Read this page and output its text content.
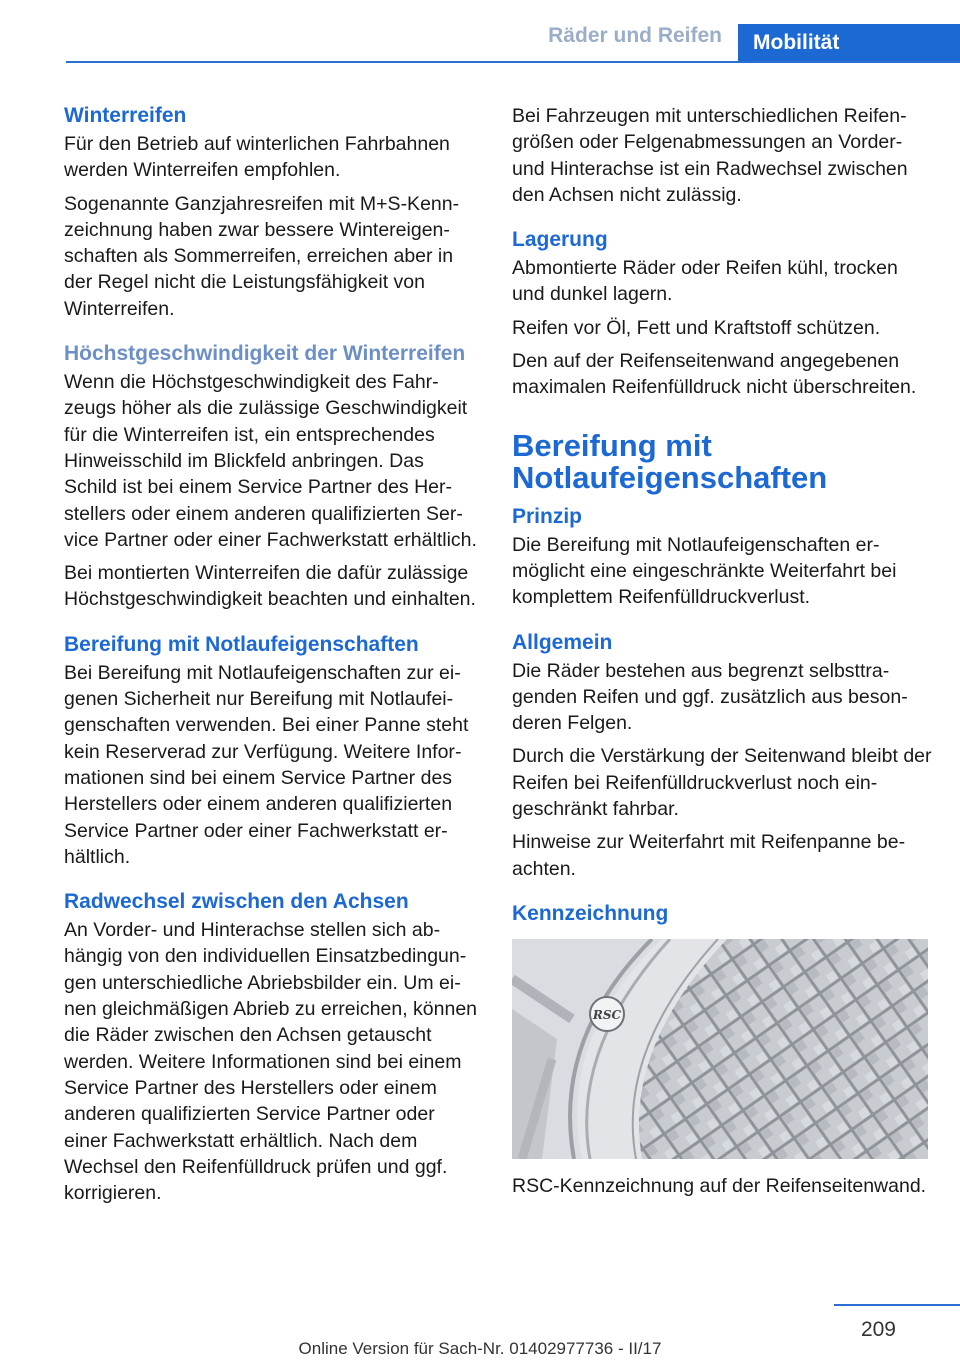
Räder und Reifen	Mobilität
Winterreifen

Für den Betrieb auf winterlichen Fahrbahnen werden Winterreifen empfohlen.

Sogenannte Ganzjahresreifen mit M+S-Kennzeichnung haben zwar bessere Wintereigenschaften als Sommerreifen, erreichen aber in der Regel nicht die Leistungsfähigkeit von Winterreifen.

Höchstgeschwindigkeit der Winterreifen

Wenn die Höchstgeschwindigkeit des Fahrzeugs höher als die zulässige Geschwindigkeit für die Winterreifen ist, ein entsprechendes Hinweisschild im Blickfeld anbringen. Das Schild ist bei einem Service Partner des Herstellers oder einem anderen qualifizierten Service Partner oder einer Fachwerkstatt erhältlich.

Bei montierten Winterreifen die dafür zulässige Höchstgeschwindigkeit beachten und einhalten.

Bereifung mit Notlaufeigenschaften

Bei Bereifung mit Notlaufeigenschaften zur eigenen Sicherheit nur Bereifung mit Notlaufeigenschaften verwenden. Bei einer Panne steht kein Reserverad zur Verfügung. Weitere Informationen sind bei einem Service Partner des Herstellers oder einem anderen qualifizierten Service Partner oder einer Fachwerkstatt erhältlich.

Radwechsel zwischen den Achsen

An Vorder- und Hinterachse stellen sich abhängig von den individuellen Einsatzbedingungen unterschiedliche Abriebsbilder ein. Um einen gleichmäßigen Abrieb zu erreichen, können die Räder zwischen den Achsen getauscht werden. Weitere Informationen sind bei einem Service Partner des Herstellers oder einem anderen qualifizierten Service Partner oder einer Fachwerkstatt erhältlich. Nach dem Wechsel den Reifenfülldruck prüfen und ggf. korrigieren.

Bei Fahrzeugen mit unterschiedlichen Reifengrößen oder Felgenabmessungen an Vorder- und Hinterachse ist ein Radwechsel zwischen den Achsen nicht zulässig.

Lagerung

Abmontierte Räder oder Reifen kühl, trocken und dunkel lagern.

Reifen vor Öl, Fett und Kraftstoff schützen.

Den auf der Reifenseitenwand angegebenen maximalen Reifenfülldruck nicht überschreiten.

Bereifung mit Notlaufeigenschaften
Prinzip

Die Bereifung mit Notlaufeigenschaften ermöglicht eine eingeschränkte Weiterfahrt bei komplettem Reifenfülldruckverlust.

Allgemein

Die Räder bestehen aus begrenzt selbsttragenden Reifen und ggf. zusätzlich aus besonderen Felgen.

Durch die Verstärkung der Seitenwand bleibt der Reifen bei Reifenfülldruckverlust noch eingeschränkt fahrbar.

Hinweise zur Weiterfahrt mit Reifenpanne beachten.

Kennzeichnung
RSC

RSC-Kennzeichnung auf der Reifenseitenwand.

209
Online Version für Sach-Nr. 01402977736 - II/17
